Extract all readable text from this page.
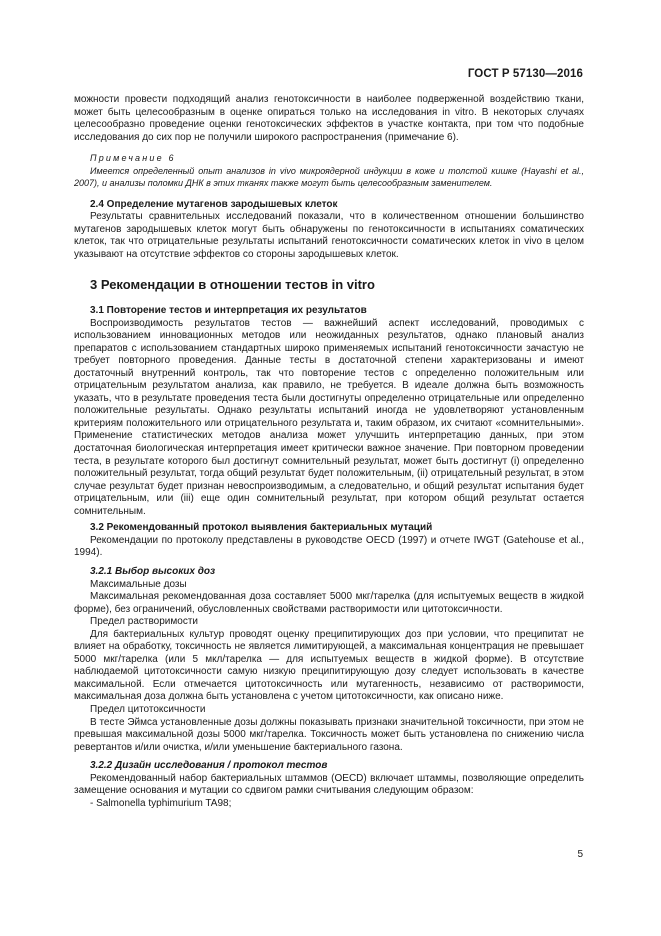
ГОСТ Р 57130—2016

можности провести подходящий анализ генотоксичности в наиболее подверженной воздействию ткани, может быть целесообразным в оценке опираться только на исследования in vitro. В некоторых случаях целесообразно проведение оценки генотоксических эффектов в участке контакта, при том что подобные исследования до сих пор не получили широкого распространения (примечание 6).

Примечание 6

Имеется определенный опыт анализов in vivo микроядерной индукции в коже и толстой кишке (Hayashi et al., 2007), и анализы поломки ДНК в этих тканях также могут быть целесообразным заменителем.

2.4 Определение мутагенов зародышевых клеток

Результаты сравнительных исследований показали, что в количественном отношении большинство мутагенов зародышевых клеток могут быть обнаружены по генотоксичности в испытаниях соматических клеток, так что отрицательные результаты испытаний генотоксичности соматических клеток in vivo в целом указывают на отсутствие эффектов со стороны зародышевых клеток.

3 Рекомендации в отношении тестов in vitro

3.1 Повторение тестов и интерпретация их результатов

Воспроизводимость результатов тестов — важнейший аспект исследований, проводимых с использованием инновационных методов или неожиданных результатов, однако плановый анализ препаратов с использованием стандартных широко применяемых испытаний генотоксичности зачастую не требует повторного проведения. Данные тесты в достаточной степени характеризованы и имеют достаточный внутренний контроль, так что повторение тестов с определенно положительным или отрицательным результатом анализа, как правило, не требуется. В идеале должна быть возможность указать, что в результате проведения теста были достигнуты определенно отрицательные или определенно положительные результаты. Однако результаты испытаний иногда не удовлетворяют установленным критериям положительного или отрицательного результата и, таким образом, их считают «сомнительными». Применение статистических методов анализа может улучшить интерпретацию данных, при этом достаточная биологическая интерпретация имеет критически важное значение. При повторном проведении теста, в результате которого был достигнут сомнительный результат, может быть достигнут (i) определенно положительный результат, тогда общий результат будет положительным, (ii) отрицательный результат, в этом случае результат будет признан невоспроизводимым, а следовательно, и общий результат испытания будет отрицательным, или (iii) еще один сомнительный результат, при котором общий результат остается сомнительным.

3.2 Рекомендованный протокол выявления бактериальных мутаций

Рекомендации по протоколу представлены в руководстве OECD (1997) и отчете IWGT (Gatehouse et al., 1994).

3.2.1 Выбор высоких доз

Максимальные дозы

Максимальная рекомендованная доза составляет 5000 мкг/тарелка (для испытуемых веществ в жидкой форме), без ограничений, обусловленных свойствами растворимости или цитотоксичности.

Предел растворимости

Для бактериальных культур проводят оценку преципитирующих доз при условии, что преципитат не влияет на обработку, токсичность не является лимитирующей, а максимальная концентрация не превышает 5000 мкг/тарелка (или 5 мкл/тарелка — для испытуемых веществ в жидкой форме). В отсутствие наблюдаемой цитотоксичности самую низкую преципитирующую дозу следует использовать в качестве максимальной. Если отмечается цитотоксичность или мутагенность, независимо от растворимости, максимальная доза должна быть установлена с учетом цитотоксичности, как описано ниже.

Предел цитотоксичности

В тесте Эймса установленные дозы должны показывать признаки значительной токсичности, при этом не превышая максимальной дозы 5000 мкг/тарелка. Токсичность может быть установлена по снижению числа ревертантов и/или очистка, и/или уменьшение бактериального газона.

3.2.2 Дизайн исследования / протокол тестов

Рекомендованный набор бактериальных штаммов (OECD) включает штаммы, позволяющие определить замещение основания и мутации со сдвигом рамки считывания следующим образом:

- Salmonella typhimurium TA98;

5
